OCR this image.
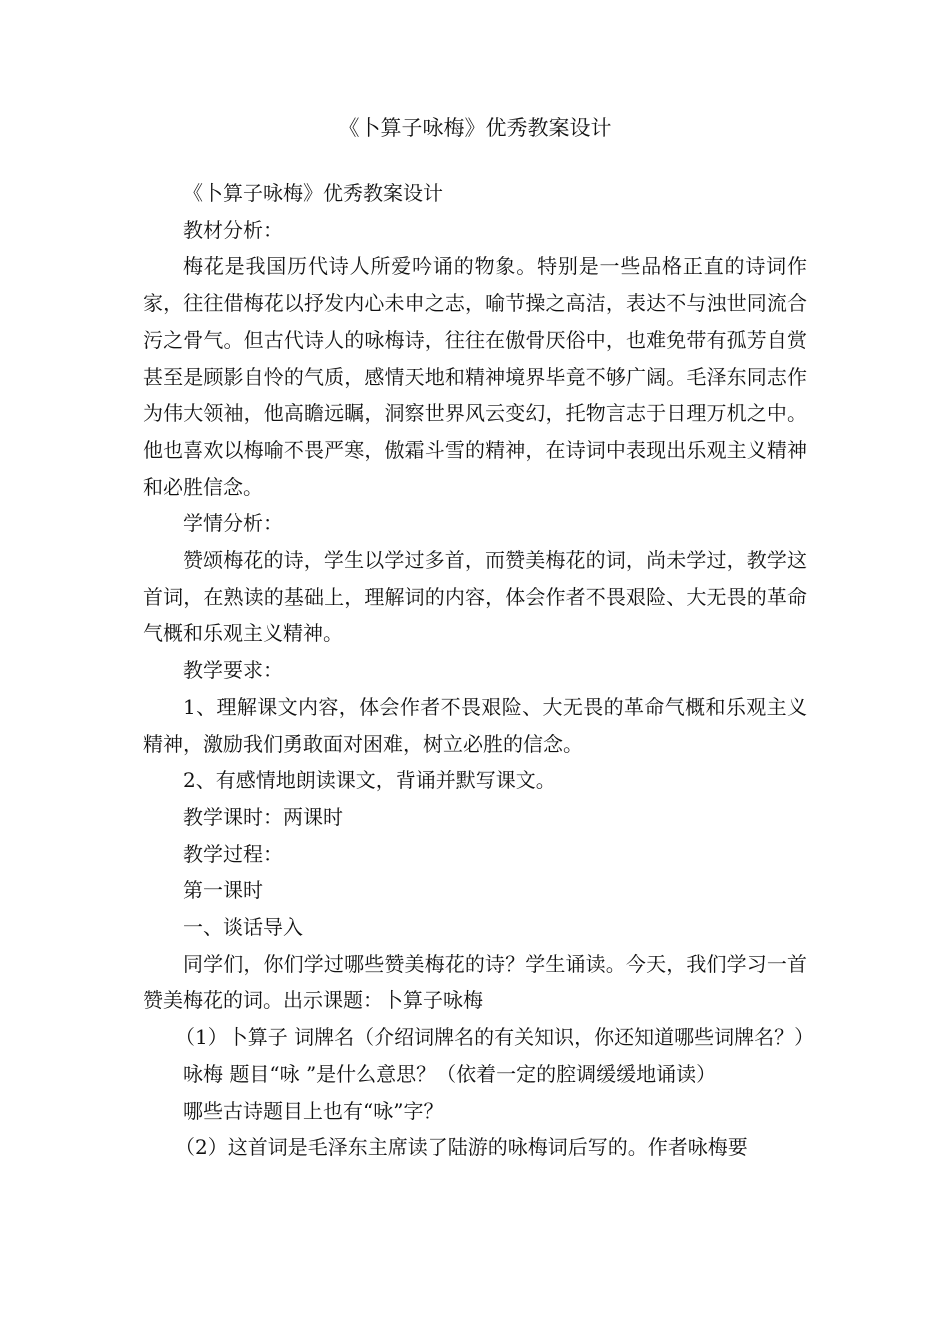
《卜算子咏梅》优秀教案设计

《卜算子咏梅》优秀教案设计

教材分析：

梅花是我国历代诗人所爱吟诵的物象。特别是一些品格正直的诗词作家，往往借梅花以抒发内心未申之志，喻节操之高洁，表达不与浊世同流合污之骨气。但古代诗人的咏梅诗，往往在傲骨厌俗中，也难免带有孤芳自赏甚至是顾影自怜的气质，感情天地和精神境界毕竟不够广阔。毛泽东同志作为伟大领袖，他高瞻远瞩，洞察世界风云变幻，托物言志于日理万机之中。他也喜欢以梅喻不畏严寒，傲霜斗雪的精神，在诗词中表现出乐观主义精神和必胜信念。

学情分析：

赞颂梅花的诗，学生以学过多首，而赞美梅花的词，尚未学过，教学这首词，在熟读的基础上，理解词的内容，体会作者不畏艰险、大无畏的革命气概和乐观主义精神。

教学要求：

1、理解课文内容，体会作者不畏艰险、大无畏的革命气概和乐观主义精神，激励我们勇敢面对困难，树立必胜的信念。

2、有感情地朗读课文，背诵并默写课文。

教学课时：两课时

教学过程：

第一课时

一、谈话导入

同学们，你们学过哪些赞美梅花的诗？学生诵读。今天，我们学习一首赞美梅花的词。出示课题：卜算子咏梅

（1）卜算子 词牌名（介绍词牌名的有关知识，你还知道哪些词牌名？）

咏梅 题目“咏 ”是什么意思？（依着一定的腔调缓缓地诵读）

哪些古诗题目上也有“咏”字？

（2）这首词是毛泽东主席读了陆游的咏梅词后写的。作者咏梅要
